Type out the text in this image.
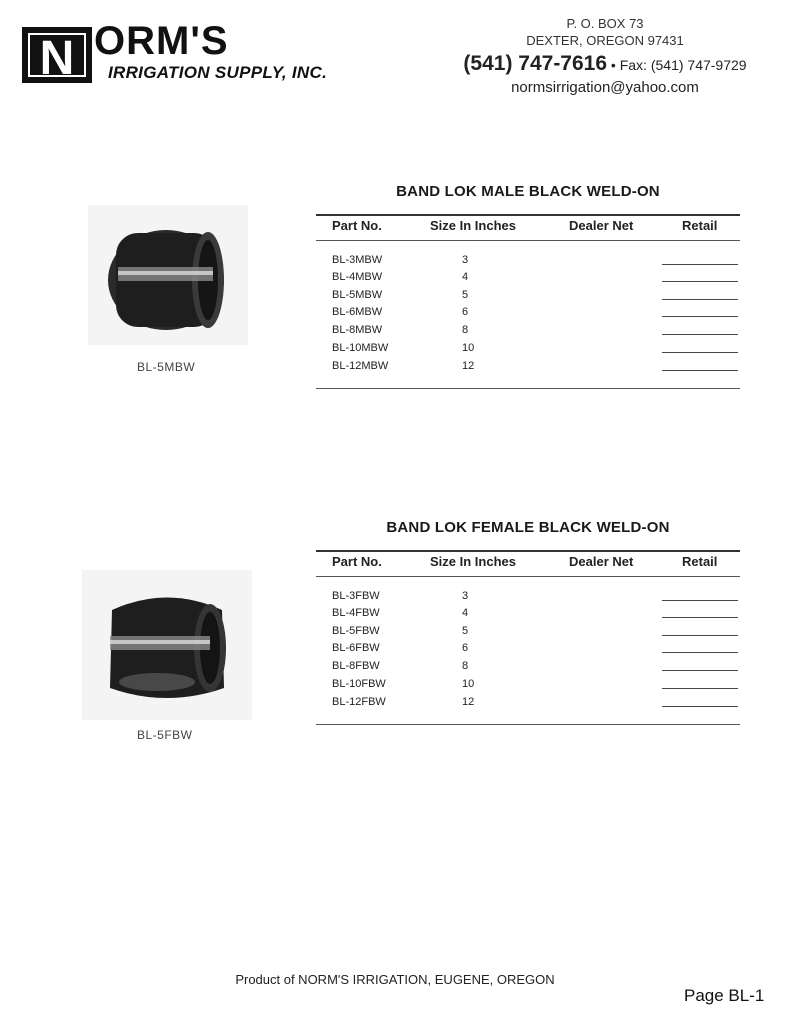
N ORM'S
IRRIGATION SUPPLY, INC.
P. O. BOX 73
DEXTER, OREGON 97431
(541) 747-7616 • Fax: (541) 747-9729
normsirrigation@yahoo.com
BL-5MBW
BAND LOK MALE BLACK WELD-ON
Part No.	Size In Inches	Dealer Net	Retail
BL-3MBW	3
BL-4MBW	4
BL-5MBW	5
BL-6MBW	6
BL-8MBW	8
BL-10MBW	10
BL-12MBW	12
BL-5FBW
BAND LOK FEMALE BLACK WELD-ON
Part No.	Size In Inches	Dealer Net	Retail
BL-3FBW	3
BL-4FBW	4
BL-5FBW	5
BL-6FBW	6
BL-8FBW	8
BL-10FBW	10
BL-12FBW	12
Product of NORM'S IRRIGATION, EUGENE, OREGON
Page BL-1
